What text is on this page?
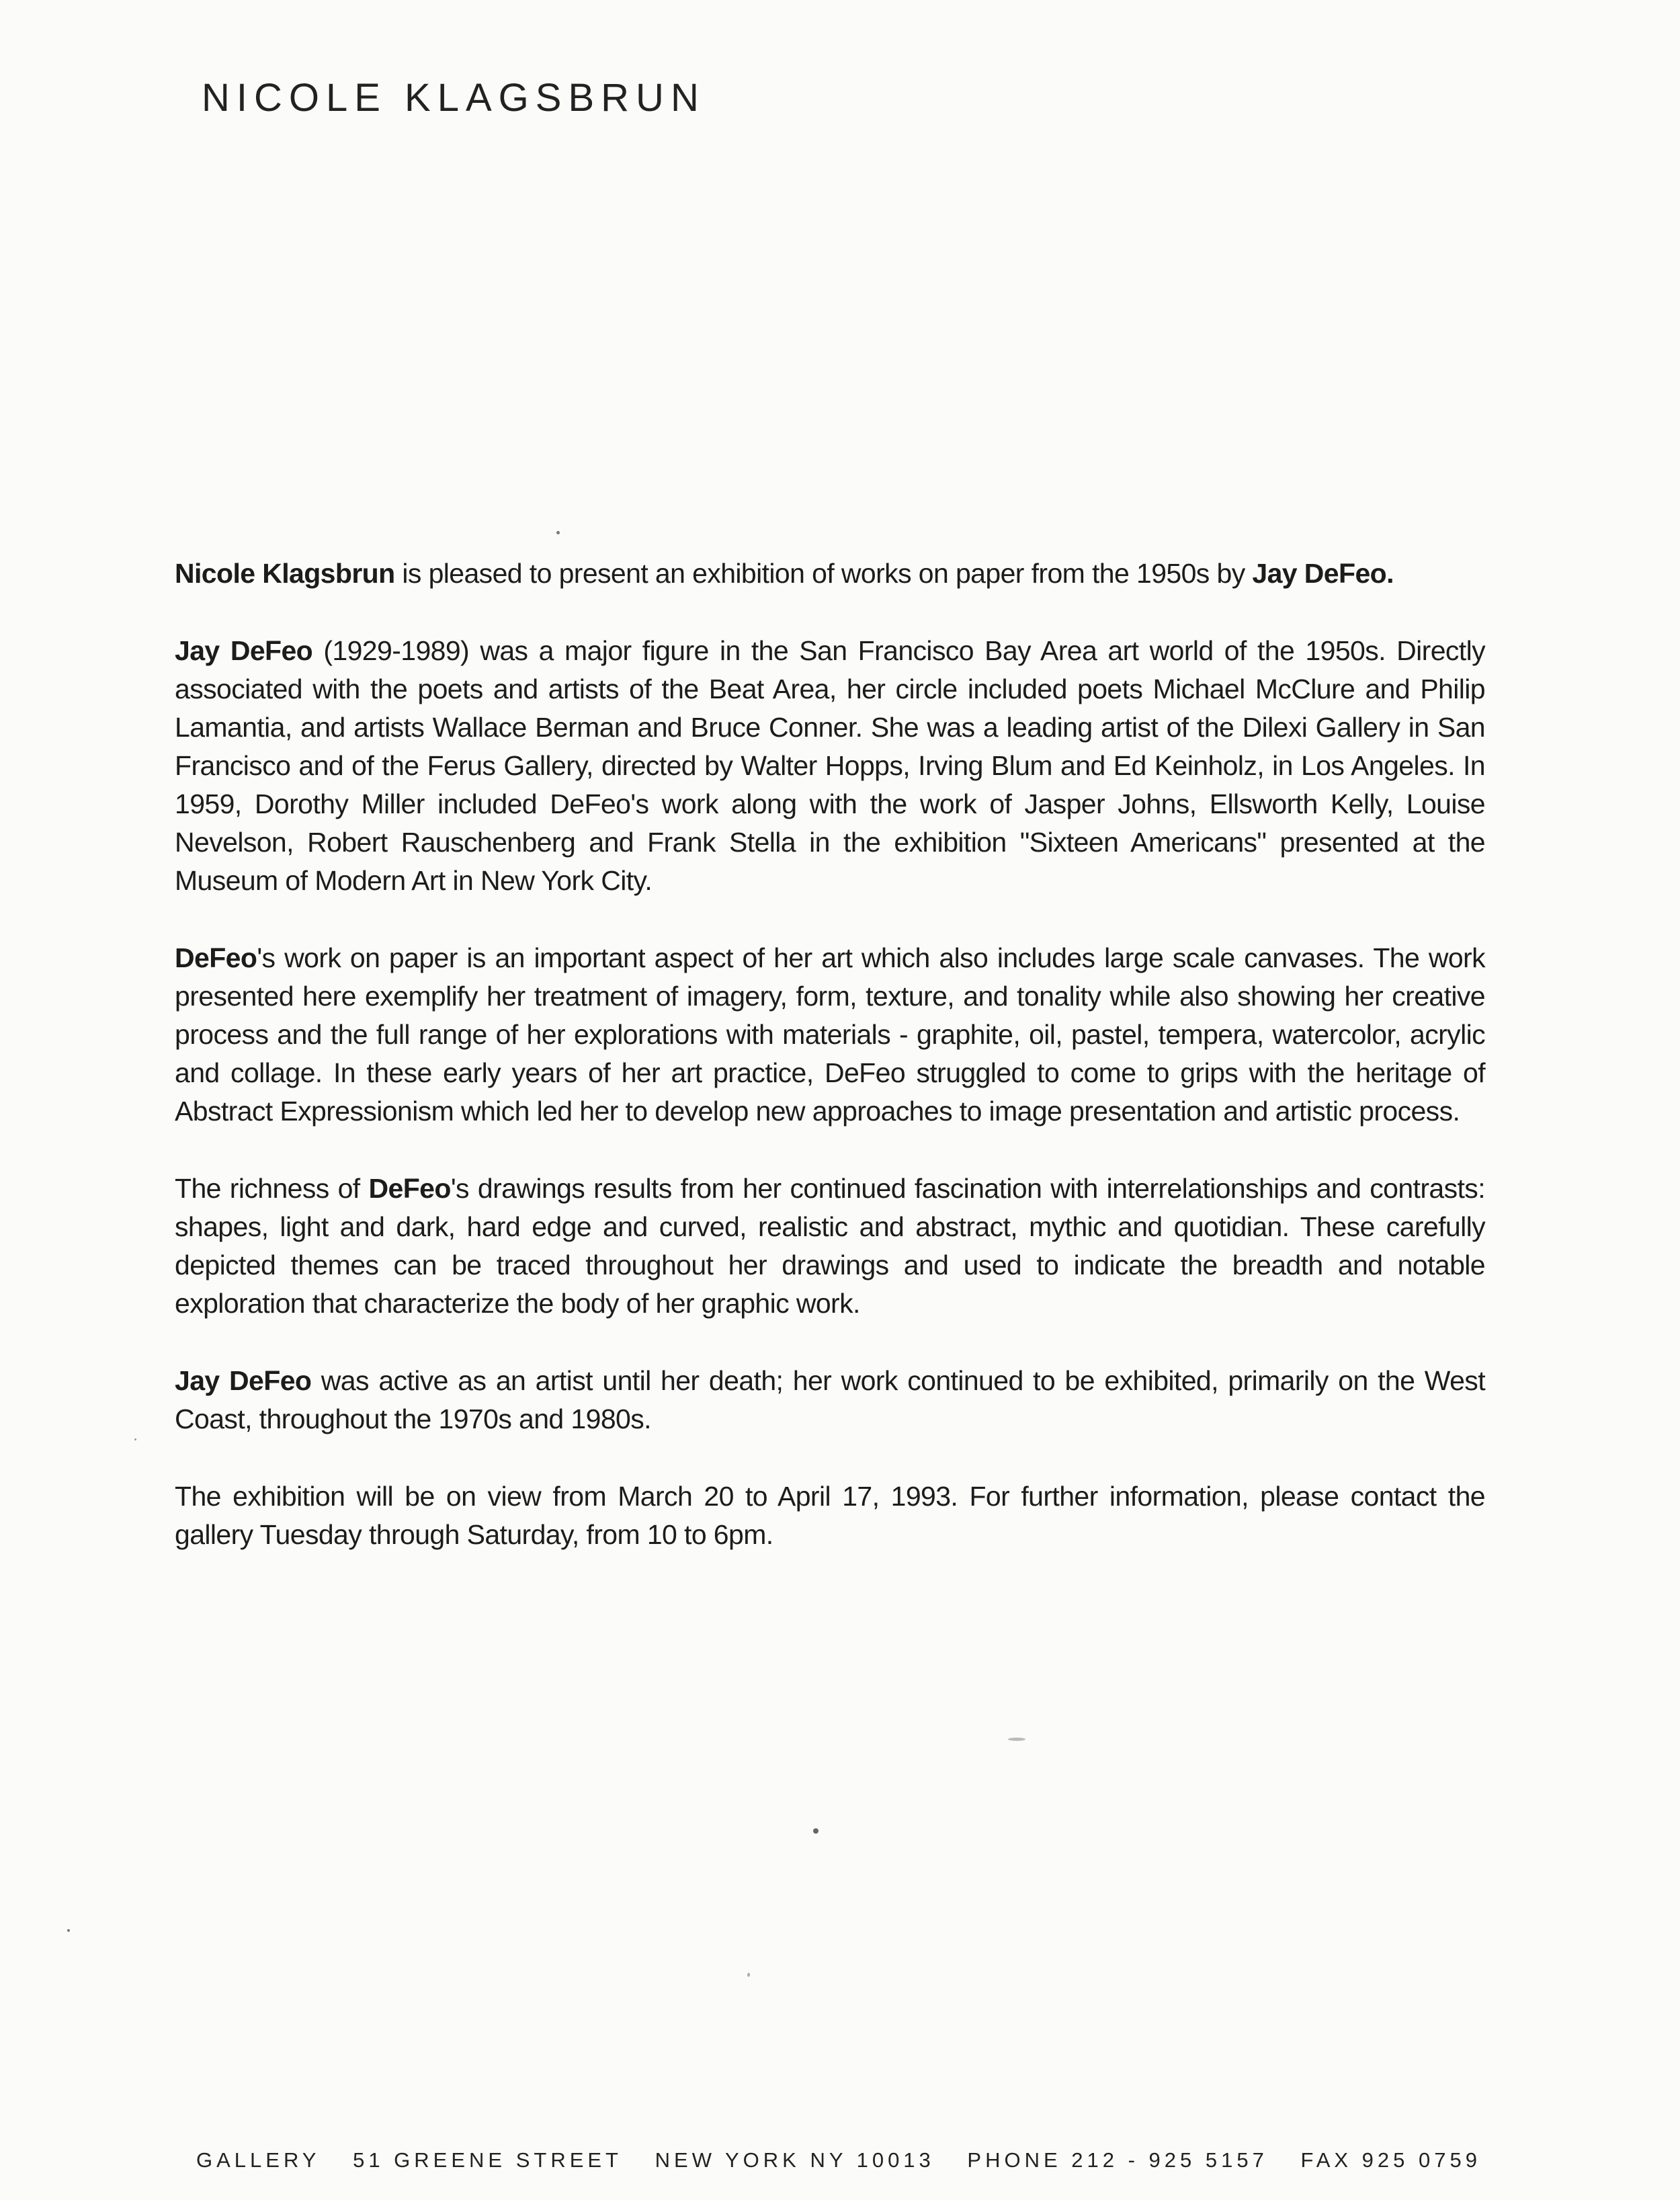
NICOLE KLAGSBRUN

Nicole Klagsbrun is pleased to present an exhibition of works on paper from the 1950s by Jay DeFeo.

Jay DeFeo (1929-1989) was a major figure in the San Francisco Bay Area art world of the 1950s. Directly associated with the poets and artists of the Beat Area, her circle included poets Michael McClure and Philip Lamantia, and artists Wallace Berman and Bruce Conner. She was a leading artist of the Dilexi Gallery in San Francisco and of the Ferus Gallery, directed by Walter Hopps, Irving Blum and Ed Keinholz, in Los Angeles. In 1959, Dorothy Miller included DeFeo's work along with the work of Jasper Johns, Ellsworth Kelly, Louise Nevelson, Robert Rauschenberg and Frank Stella in the exhibition "Sixteen Americans" presented at the Museum of Modern Art in New York City.

DeFeo's work on paper is an important aspect of her art which also includes large scale canvases. The work presented here exemplify her treatment of imagery, form, texture, and tonality while also showing her creative process and the full range of her explorations with materials - graphite, oil, pastel, tempera, watercolor, acrylic and collage. In these early years of her art practice, DeFeo struggled to come to grips with the heritage of Abstract Expressionism which led her to develop new approaches to image presentation and artistic process.

The richness of DeFeo's drawings results from her continued fascination with interrelationships and contrasts: shapes, light and dark, hard edge and curved, realistic and abstract, mythic and quotidian. These carefully depicted themes can be traced throughout her drawings and used to indicate the breadth and notable exploration that characterize the body of her graphic work.

Jay DeFeo was active as an artist until her death; her work continued to be exhibited, primarily on the West Coast, throughout the 1970s and 1980s.

The exhibition will be on view from March 20 to April 17, 1993. For further information, please contact the gallery Tuesday through Saturday, from 10 to 6pm.

GALLERY 51 GREENE STREET NEW YORK NY 10013 PHONE 212 - 925 5157 FAX 925 0759
